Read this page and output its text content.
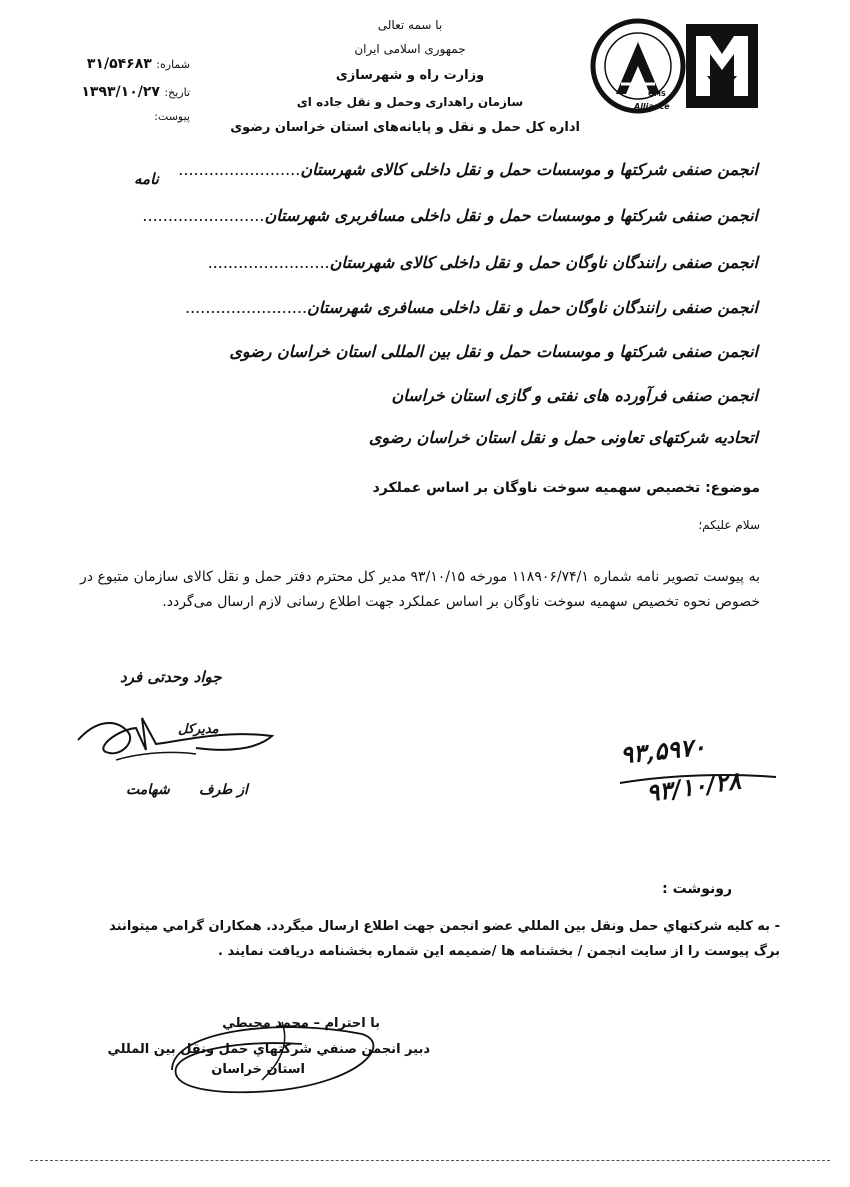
QMS
Alliance
با سمه تعالی
جمهوری اسلامی ایران
وزارت راه و شهرسازی
سازمان راهداری وحمل و نقل جاده ای
اداره کل حمل و نقل و پایانه‌های استان خراسان رضوی
شماره: ۳۱/۵۴۶۸۳
تاریخ: ۱۳۹۳/۱۰/۲۷
پیوست:
نامه	انجمن صنفی شرکتها و موسسات حمل و نقل داخلی کالای شهرستان........................
انجمن صنفی شرکتها و موسسات حمل و نقل داخلی مسافربری شهرستان........................
انجمن صنفی رانندگان ناوگان حمل و نقل داخلی کالای شهرستان........................
انجمن صنفی رانندگان ناوگان حمل و نقل داخلی مسافری شهرستان........................
انجمن صنفی شرکتها و موسسات حمل و نقل بین المللی استان خراسان رضوی
انجمن صنفی فرآورده های نفتی و گازی استان خراسان
اتحادیه شرکتهای تعاونی حمل و نقل استان خراسان رضوی
موضوع: تخصیص سهمیه سوخت ناوگان بر اساس عملکرد
سلام علیکم؛
به پیوست تصویر نامه شماره ۱۱۸۹۰۶/۷۴/۱ مورخه ۹۳/۱۰/۱۵ مدیر کل محترم دفتر حمل و نقل کالای سازمان متبوع در خصوص نحوه تخصیص سهمیه سوخت ناوگان بر اساس عملکرد جهت اطلاع رسانی لازم ارسال می‌گردد.
جواد وحدتی فرد
مدیرکل
از طرف      شهامت
۹۳,۵۹۷۰
۹۳/۱۰/۲۸
رونوشت :
- به کلیه شرکتهاي حمل ونقل بین المللي عضو انجمن جهت اطلاع ارسال میگردد. همکاران گرامي میتوانند برگ پیوست را از سایت انجمن / بخشنامه ها /ضمیمه این شماره بخشنامه دریافت نمایند .
با احترام – محمد محیطي
دبیر انجمن صنفي شرکتهاي حمل ونقل بین المللي
استان خراسان
